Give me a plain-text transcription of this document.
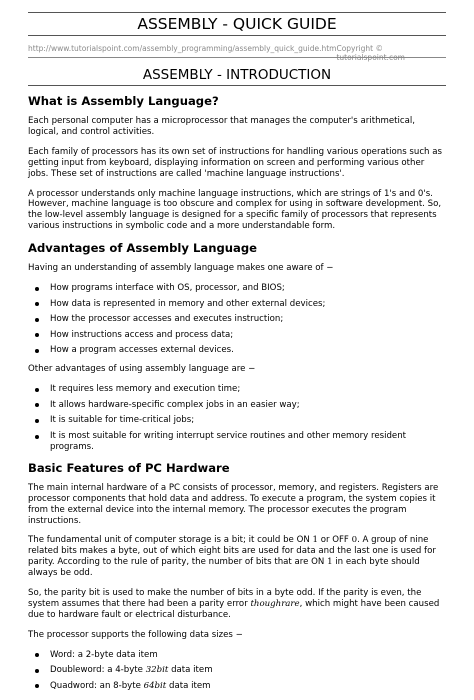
ASSEMBLY - QUICK GUIDE
http://www.tutorialspoint.com/assembly_programming/assembly_quick_guide.htm Copyright © tutorialspoint.com
ASSEMBLY - INTRODUCTION
What is Assembly Language?

Each personal computer has a microprocessor that manages the computer's arithmetical, logical, and control activities.

Each family of processors has its own set of instructions for handling various operations such as getting input from keyboard, displaying information on screen and performing various other jobs. These set of instructions are called 'machine language instructions'.

A processor understands only machine language instructions, which are strings of 1's and 0's. However, machine language is too obscure and complex for using in software development. So, the low-level assembly language is designed for a specific family of processors that represents various instructions in symbolic code and a more understandable form.

Advantages of Assembly Language

Having an understanding of assembly language makes one aware of −

How programs interface with OS, processor, and BIOS;
How data is represented in memory and other external devices;
How the processor accesses and executes instruction;
How instructions access and process data;
How a program accesses external devices.

Other advantages of using assembly language are −

It requires less memory and execution time;
It allows hardware-specific complex jobs in an easier way;
It is suitable for time-critical jobs;
It is most suitable for writing interrupt service routines and other memory resident programs.
Basic Features of PC Hardware

The main internal hardware of a PC consists of processor, memory, and registers. Registers are processor components that hold data and address. To execute a program, the system copies it from the external device into the internal memory. The processor executes the program instructions.

The fundamental unit of computer storage is a bit; it could be ON 1 or OFF 0. A group of nine related bits makes a byte, out of which eight bits are used for data and the last one is used for parity. According to the rule of parity, the number of bits that are ON 1 in each byte should always be odd.

So, the parity bit is used to make the number of bits in a byte odd. If the parity is even, the system assumes that there had been a parity error thoughrare, which might have been caused due to hardware fault or electrical disturbance.

The processor supports the following data sizes −

Word: a 2-byte data item
Doubleword: a 4-byte 32bit data item
Quadword: an 8-byte 64bit data item
